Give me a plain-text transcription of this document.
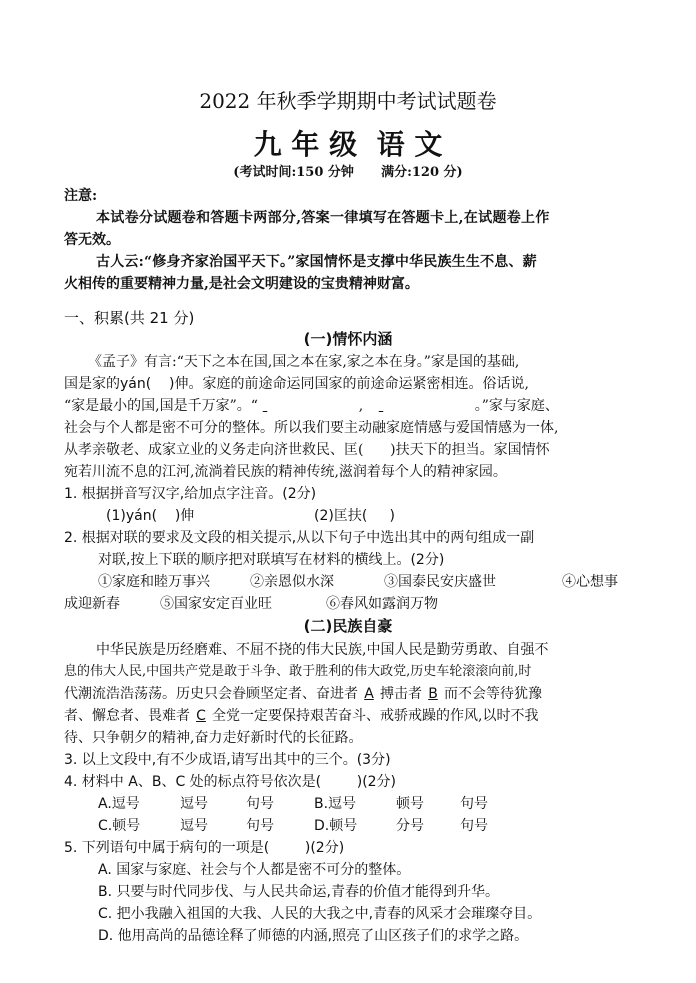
2022 年秋季学期期中考试试题卷
九 年 级  语 文
(考试时间:150 分钟      满分:120 分)
注意:
本试卷分试题卷和答题卡两部分,答案一律填写在答题卡上,在试题卷上作
答无效。
古人云:“修身齐家治国平天下。”家国情怀是支撑中华民族生生不息、薪
火相传的重要精神力量,是社会文明建设的宝贵精神财富。
一、积累(共 21 分)
(一)情怀内涵
《孟子》有言:“天下之本在国,国之本在家,家之本在身。”家是国的基础,
国是家的yán(    )伸。家庭的前途命运同国家的前途命运紧密相连。俗话说,
“家是最小的国,国是千万家”。“	,	。”家与家庭、
社会与个人都是密不可分的整体。所以我们要主动融家庭情感与爱国情感为一体,
从孝亲敬老、成家立业的义务走向济世救民、匡(      )扶天下的担当。家国情怀
宛若川流不息的江河,流淌着民族的精神传统,滋润着每个人的精神家园。
1. 根据拼音写汉字,给加点字注音。(2分)
(1)yán(    )伸	(2)匡扶(     )
2. 根据对联的要求及文段的相关提示,从以下句子中选出其中的两句组成一副
对联,按上下联的顺序把对联填写在材料的横线上。(2分)
①家庭和睦万事兴	②亲恩似水深	③国泰民安庆盛世	④心想事
成迎新春	⑤国家安定百业旺	⑥春风如露润万物
(二)民族自豪
中华民族是历经磨难、不屈不挠的伟大民族,中国人民是勤劳勇敢、自强不
息的伟大人民,中国共产党是敢于斗争、敢于胜利的伟大政党,历史车轮滚滚向前,时
代潮流浩浩荡荡。历史只会眷顾坚定者、奋进者 A 搏击者 B 而不会等待犹豫
者、懈怠者、畏难者 C 全党一定要保持艰苦奋斗、戒骄戒躁的作风,以时不我
待、只争朝夕的精神,奋力走好新时代的长征路。
3. 以上文段中,有不少成语,请写出其中的三个。(3分)
4. 材料中 A、B、C 处的标点符号依次是(        )(2分)
A.逗号	逗号	句号	B.逗号	顿号	句号
C.顿号	逗号	句号	D.顿号	分号	句号
5. 下列语句中属于病句的一项是(        )(2分)
A. 国家与家庭、社会与个人都是密不可分的整体。
B. 只要与时代同步伐、与人民共命运,青春的价值才能得到升华。
C. 把小我融入祖国的大我、人民的大我之中,青春的风采才会璀璨夺目。
D. 他用高尚的品德诠释了师德的内涵,照亮了山区孩子们的求学之路。
